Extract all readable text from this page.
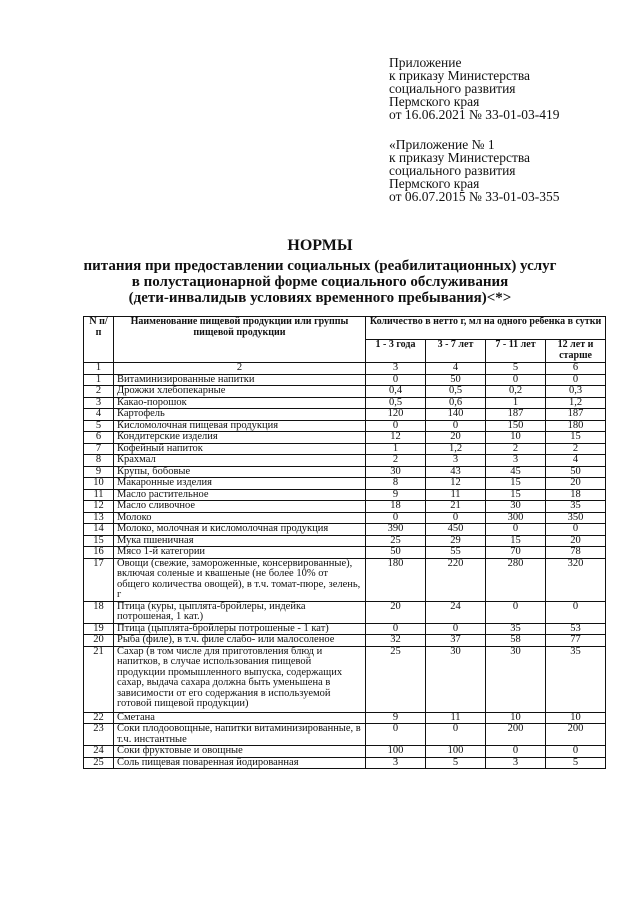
Приложение
к приказу Министерства
социального развития
Пермского края
от 16.06.2021 № 33-01-03-419
«Приложение № 1
к приказу Министерства
социального развития
Пермского края
от 06.07.2015 № 33-01-03-355
НОРМЫ
питания при предоставлении социальных (реабилитационных) услуг
в полустационарной форме социального обслуживания
(дети-инвалидыв условиях временного пребывания)<*>
N п/п	Наименование пищевой продукции или группы пищевой продукции	Количество в нетто г, мл на одного ребенка в сутки			
		1 - 3 года	3 - 7 лет	7 - 11 лет	12 лет и старше
1	2	3	4	5	6
1	Витаминизированные напитки	0	50	0	0
2	Дрожжи хлебопекарные	0,4	0,5	0,2	0,3
3	Какао-порошок	0,5	0,6	1	1,2
4	Картофель	120	140	187	187
5	Кисломолочная пищевая продукция	0	0	150	180
6	Кондитерские изделия	12	20	10	15
7	Кофейный напиток	1	1,2	2	2
8	Крахмал	2	3	3	4
9	Крупы, бобовые	30	43	45	50
10	Макаронные изделия	8	12	15	20
11	Масло растительное	9	11	15	18
12	Масло сливочное	18	21	30	35
13	Молоко	0	0	300	350
14	Молоко, молочная и кисломолочная продукция	390	450	0	0
15	Мука пшеничная	25	29	15	20
16	Мясо 1-й категории	50	55	70	78
17	Овощи (свежие, замороженные, консервированные), включая соленые и квашеные (не более 10% от общего количества овощей), в т.ч. томат-пюре, зелень, г	180	220	280	320
18	Птица (куры, цыплята-бройлеры, индейка потрошеная, 1 кат.)	20	24	0	0
19	Птица (цыплята-бройлеры потрошеные - 1 кат)	0	0	35	53
20	Рыба (филе), в т.ч. филе слабо- или малосоленое	32	37	58	77
21	Сахар (в том числе для приготовления блюд и напитков, в случае использования пищевой продукции промышленного выпуска, содержащих сахар, выдача сахара должна быть уменьшена в зависимости от его содержания в используемой готовой пищевой продукции)	25	30	30	35
22	Сметана	9	11	10	10
23	Соки плодоовощные, напитки витаминизированные, в т.ч. инстантные	0	0	200	200
24	Соки фруктовые и овощные	100	100	0	0
25	Соль пищевая поваренная йодированная	3	5	3	5
